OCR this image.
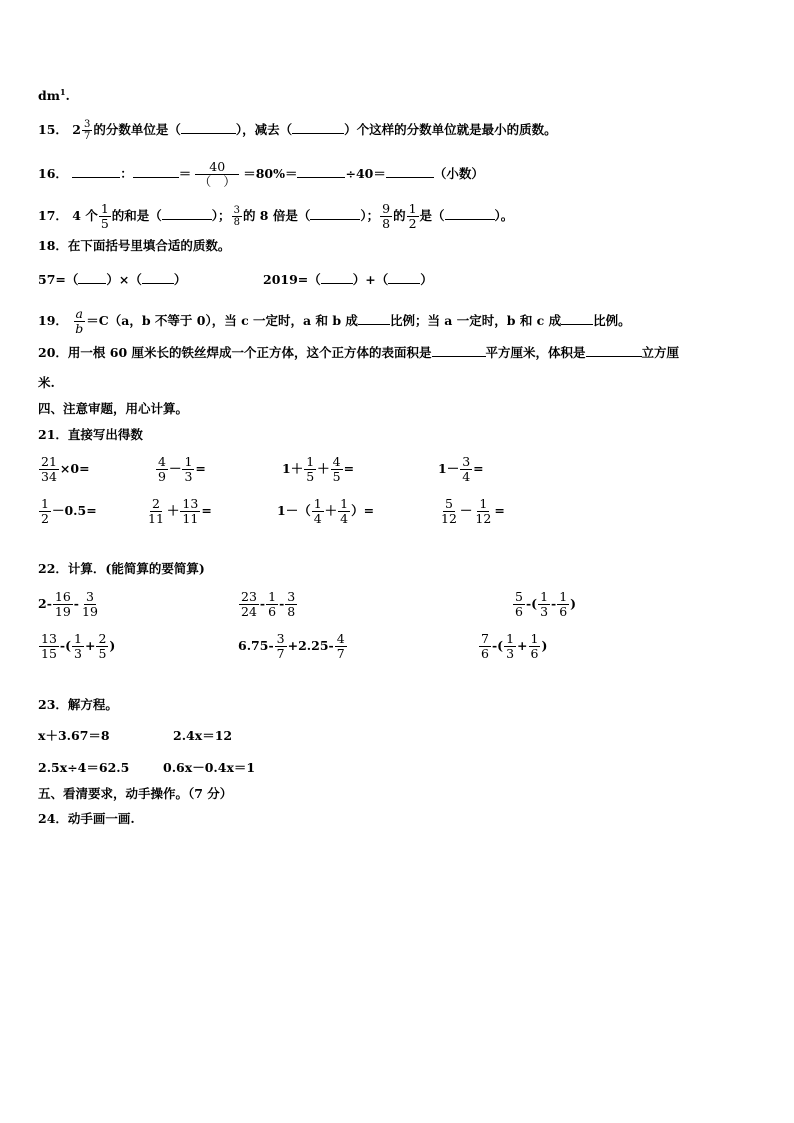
$dm^1$.
15． $2 \frac{3}{7}$ 的分数单位是（	），减去（	）个这样的分数单位就是最小的质数。
16．	：	＝ $\frac{40}{( )} =80\%=$	÷40＝	（小数）
17． 4 个 $\frac{1}{5}$ 的和是（	）； $\frac{3}{8}$ 的 8 倍是（	）； $\frac{9}{8}$ 的 $\frac{1}{2}$ 是（	）。
18．在下面括号里填合适的质数。
57=（ ）×（	）	2019=（	）+（	）
19． $\frac{a}{b} =C(a$，b 不等于 0），当 c 一定时，a 和 b 成	比例；当 a 一定时，b 和 c 成	比例。
20．用一根 60 厘米长的铁丝焊成一个正方体，这个正方体的表面积是	平方厘米，体积是	立方厘
米.
四、注意审题，用心计算。
21．直接写出得数
$\frac{21}{34} \times 0=$	$\frac{4}{9} - \frac{1}{3}$ =	$1+ \frac{1}{5} + \frac{4}{5}$ =	$1- \frac{3}{4}$ =
$\frac{1}{2} -0.5=$	$\frac{2}{11} + \frac{13}{11}$ =	$1-( \frac{1}{4} + \frac{1}{4}$ ）=	$\frac{5}{12} - \frac{1}{12}$ =
22．计算．(能简算的要简算)
$2- \frac{16}{19} - \frac{3}{19}$	$\frac{23}{24} - \frac{1}{6} - \frac{3}{8}$	$\frac{5}{6}$ -( $\frac{1}{3} - \frac{1}{6}$ )
$\frac{13}{15}$ -( $\frac{1}{3} + \frac{2}{5}$ )	$6.75- \frac{3}{7} +2.25- \frac{4}{7}$	$\frac{7}{6}$ -( $\frac{1}{3} + \frac{1}{6}$ )
23．解方程。
x＋3.67＝8	2.4x＝12
2.5x÷4＝62.5	0.6x－0.4x＝1
五、看清要求，动手操作。（7 分）
24．动手画一画.
